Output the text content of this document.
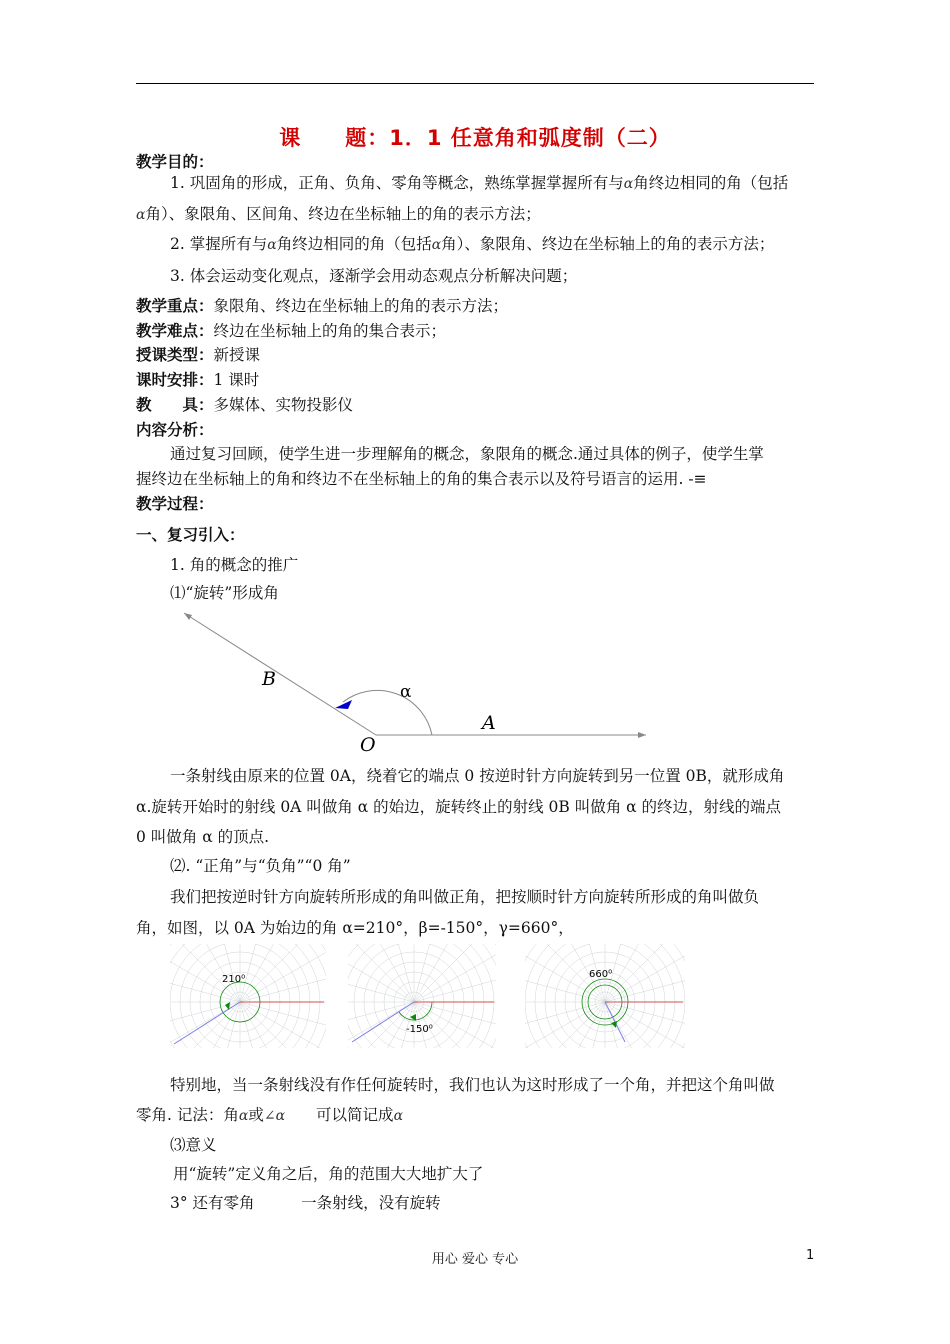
课　　题：1．1 任意角和弧度制（二）
教学目的：
1. 巩固角的形成，正角、负角、零角等概念，熟练掌握掌握所有与α角终边相同的角（包括
α角）、象限角、区间角、终边在坐标轴上的角的表示方法；
2. 掌握所有与α角终边相同的角（包括α角）、象限角、终边在坐标轴上的角的表示方法；
3. 体会运动变化观点，逐渐学会用动态观点分析解决问题；
教学重点：象限角、终边在坐标轴上的角的表示方法；
教学难点：终边在坐标轴上的角的集合表示；
授课类型：新授课
课时安排：1 课时
教　　具：多媒体、实物投影仪
内容分析：
通过复习回顾，使学生进一步理解角的概念，象限角的概念.通过具体的例子，使学生掌
握终边在坐标轴上的角和终边不在坐标轴上的角的集合表示以及符号语言的运用. -≡
教学过程：
一、复习引入：
1. 角的概念的推广
⑴“旋转”形成角
B
α
A
O
一条射线由原来的位置 0A，绕着它的端点 0 按逆时针方向旋转到另一位置 0B，就形成角
α.旋转开始时的射线 0A 叫做角 α 的始边，旋转终止的射线 0B 叫做角 α 的终边，射线的端点
0 叫做角 α 的顶点.
⑵. “正角”与“负角”“0 角”
我们把按逆时针方向旋转所形成的角叫做正角，把按顺时针方向旋转所形成的角叫做负
角，如图，以 0A 为始边的角 α=210°，β=-150°，γ=660°，
210⁰
-150⁰
660⁰
特别地，当一条射线没有作任何旋转时，我们也认为这时形成了一个角，并把这个角叫做
零角. 记法：角α或∠α　  可以简记成α
⑶意义
用“旋转”定义角之后，角的范围大大地扩大了
3° 还有零角　　　	一条射线，没有旋转
用心 爱心 专心	1
